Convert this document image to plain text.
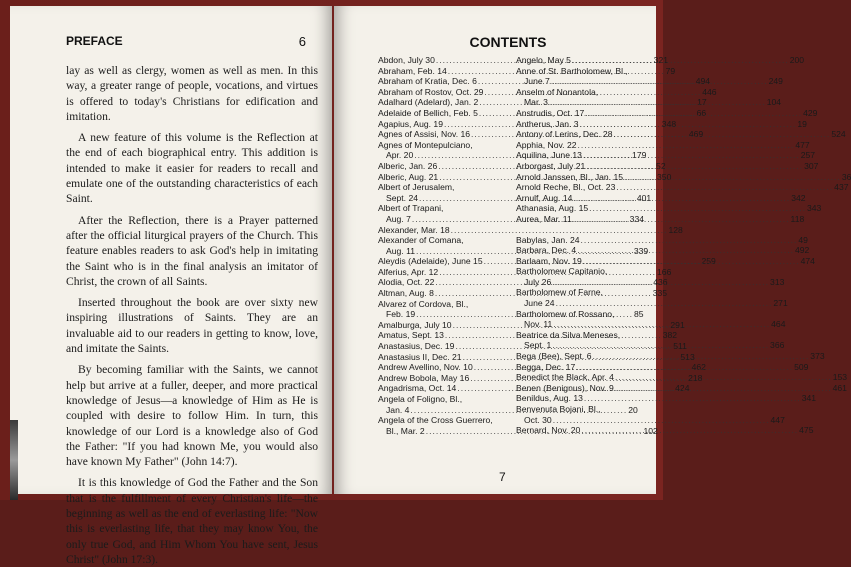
PREFACE	6

lay as well as clergy, women as well as men. In this way, a greater range of people, vocations, and virtues is offered to today's Christians for edification and imitation.

A new feature of this volume is the Reflection at the end of each biographical entry. This addition is intended to make it easier for readers to recall and emulate one of the outstanding characteristics of each Saint.

After the Reflection, there is a Prayer patterned after the official liturgical prayers of the Church. This feature enables readers to ask God's help in imitating the Saint who is in the final analysis an imitator of Christ, the crown of all Saints.

Inserted throughout the book are over sixty new inspiring illustrations of Saints. They are an invaluable aid to our readers in getting to know, love, and imitate the Saints.

By becoming familiar with the Saints, we cannot help but arrive at a fuller, deeper, and more practical knowledge of Jesus—a knowledge of Him as He is coupled with desire to follow Him. In turn, this knowledge of our Lord is a knowledge also of God the Father: "If you had known Me, you would also have known My Father" (John 14:7).

It is this knowledge of God the Father and the Son that is the fulfillment of every Christian's life—the beginning as well as the end of everlasting life: "Now this is everlasting life, that they may know You, the only true God, and Him Whom You have sent, Jesus Christ" (John 17:3).

CONTENTS
Abdon, July 30 .....	321
Abraham, Feb. 14 .....	79
Abraham of Kratia, Dec. 6 .....	494
Abraham of Rostov, Oct. 29 .....	446
Adalhard (Adelard), Jan. 2 .....	17
Adelaide of Bellich, Feb. 5 .....	66
Agapius, Aug. 19 .....	348
Agnes of Assisi, Nov. 16 .....	469
Agnes of Montepulciano,
Apr. 20 .....	179
Alberic, Jan. 26 .....	52
Alberic, Aug. 21 .....	350
Albert of Jerusalem,
Sept. 24 .....	401
Albert of Trapani,
Aug. 7 .....	334
Alexander, Mar. 18 .....	128
Alexander of Comana,
Aug. 11 .....	339
Aleydis (Adelaide), June 15 .....	259
Alferius, Apr. 12 .....	166
Alodia, Oct. 22 .....	436
Altman, Aug. 8 .....	335
Alvarez of Cordova, Bl.,
Feb. 19 .....	85
Amalburga, July 10 .....	291
Amatus, Sept. 13 .....	382
Anastasius, Dec. 19 .....	511
Anastasius II, Dec. 21 .....	513
Andrew Avellino, Nov. 10 .....	462
Andrew Bobola, May 16 .....	218
Angadrisma, Oct. 14 .....	424
Angela of Foligno, Bl.,
Jan. 4 .....	20
Angela of the Cross Guerrero,
Bl., Mar. 2 .....	102
Angelo, May 5 .....	200
Anne of St. Bartholomew, Bl.,
June 7 .....	249
Anselm of Nonantola,
Mar. 3 .....	104
Anstrudis, Oct. 17 .....	429
Antherus, Jan. 3 .....	19
Antony of Lerins, Dec. 28 .....	524
Apphia, Nov. 22 .....	477
Aquilina, June 13 .....	257
Arborgast, July 21 .....	307
Arnold Janssen, Bl., Jan. 15 .....	36
Arnold Reche, Bl., Oct. 23 .....	437
Arnulf, Aug. 14 .....	342
Athanasia, Aug. 15 .....	343
Aurea, Mar. 11 .....	118
Babylas, Jan. 24 .....	49
Barbara, Dec. 4 .....	492
Barlaam, Nov. 19 .....	474
Bartholomew Capitanio,
July 26 .....	313
Bartholomew of Farne,
June 24 .....	271
Bartholomew of Rossano,
Nov. 11 .....	464
Beatrice da Silva Meneses,
Sept. 1 .....	366
Bega (Bee), Sept. 6 .....	373
Begga, Dec. 17 .....	509
Benedict the Black, Apr. 4 .....	153
Benen (Benignus), Nov. 9 .....	461
Benildus, Aug. 13 .....	341
Benvenuta Bojani, Bl.,
Oct. 30 .....	447
Bernard, Nov. 20 .....	475
7
